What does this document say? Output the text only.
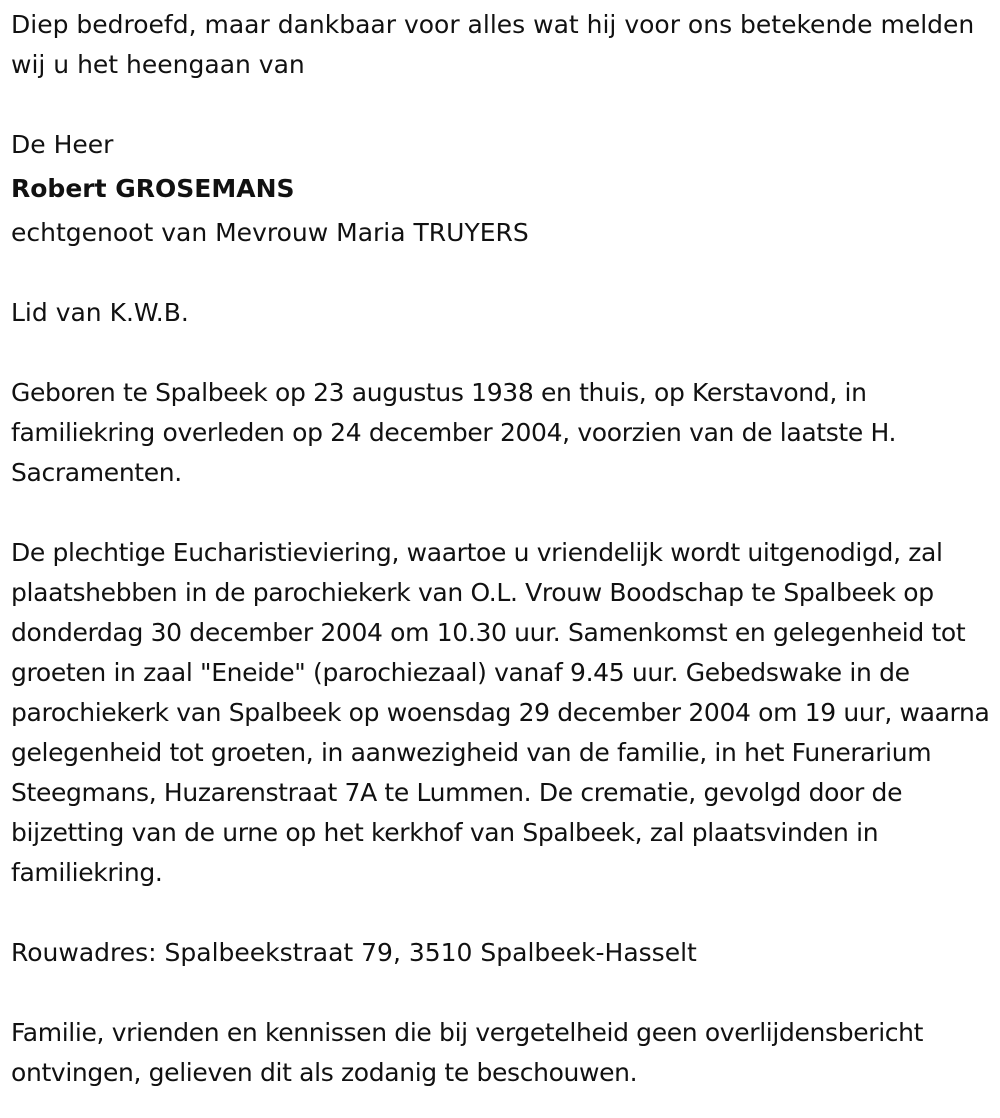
Diep bedroefd, maar dankbaar voor alles wat hij voor ons betekende melden wij u het heengaan van

De Heer

Robert GROSEMANS

echtgenoot van Mevrouw Maria TRUYERS

Lid van K.W.B.

Geboren te Spalbeek op 23 augustus 1938 en thuis, op Kerstavond, in familiekring overleden op 24 december 2004, voorzien van de laatste H. Sacramenten.

De plechtige Eucharistieviering, waartoe u vriendelijk wordt uitgenodigd, zal plaatshebben in de parochiekerk van O.L. Vrouw Boodschap te Spalbeek op donderdag 30 december 2004 om 10.30 uur. Samenkomst en gelegenheid tot groeten in zaal "Eneide" (parochiezaal) vanaf 9.45 uur. Gebedswake in de parochiekerk van Spalbeek op woensdag 29 december 2004 om 19 uur, waarna gelegenheid tot groeten, in aanwezigheid van de familie, in het Funerarium Steegmans, Huzarenstraat 7A te Lummen. De crematie, gevolgd door de bijzetting van de urne op het kerkhof van Spalbeek, zal plaatsvinden in familiekring.

Rouwadres: Spalbeekstraat 79, 3510 Spalbeek-Hasselt

Familie, vrienden en kennissen die bij vergetelheid geen overlijdensbericht ontvingen, gelieven dit als zodanig te beschouwen.
